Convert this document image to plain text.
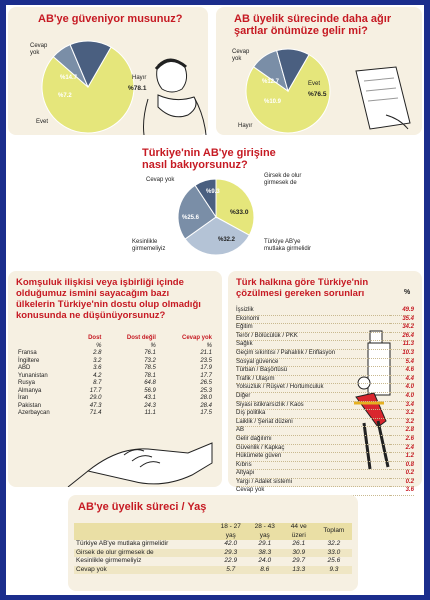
AB'ye güveniyor musunuz?
Cevap yok
Hayır
Evet
%78.1
%14.7
%7.2
AB üyelik sürecinde daha ağır şartlar önümüze gelir mi?
Cevap yok
Evet
Hayır
%76.5
%12.7
%10.9
Türkiye'nin AB'ye girişine nasıl bakıyorsunuz?
Cevap yok
Girsek de olur girmesek de
Türkiye AB'ye mutlaka girmelidir
Kesinlikle girmemeliyiz
%33.0
%32.2
%25.6
%9.3
Komşuluk ilişkisi veya işbirliği içinde olduğumuz ismini sayacağım bazı ülkelerin Türkiye'nin dostu olup olmadığı konusunda ne düşünüyorsunuz?
	Dost	Dost değil	Cevap yok
	%	%	%
Fransa	2.8	76.1	21.1
İngiltere	3.2	73.2	23.5
ABD	3.6	78.5	17.9
Yunanistan	4.2	78.1	17.7
Rusya	8.7	64.8	26.5
Almanya	17.7	56.9	25.3
İran	29.0	43.1	28.0
Pakistan	47.3	24.3	28.4
Azerbaycan	71.4	11.1	17.5
Türk halkına göre Türkiye'nin çözülmesi gereken sorunları	%
İşsizlik	49.9
Ekonomi	35.4
Eğitim	34.2
Terör / Bölücülük / PKK	26.4
Sağlık	11.3
Geçim sıkıntısı / Pahalılık / Enflasyon	10.3
Sosyal güvence	5.4
Türban / Başörtüsü	4.6
Trafik / Ulaşım	4.4
Yolsuzluk / Rüşvet / Hortumculuk	4.0
Diğer	4.0
Siyasi istikrarsızlık / Kaos	3.4
Dış politika	3.2
Laiklik / Şeriat düzeni	3.2
AB	2.8
Gelir dağılımı	2.6
Güvenlik / Kapkaç	2.4
Hükümete güven	1.2
Kıbrıs	0.8
Altyapı	0.2
Yargı / Adalet sistemi	0.2
Cevap yok	3.6
AB'ye üyelik süreci / Yaş
	18 - 27 yaş	28 - 43 yaş	44 ve üzeri	Toplam
Türkiye AB'ye mutlaka girmelidir	42.0	29.1	26.1	32.2
Girsek de olur girmesek de	29.3	38.3	30.9	33.0
Kesinlikle girmemeliyiz	22.9	24.0	29.7	25.6
Cevap yok	5.7	8.6	13.3	9.3
